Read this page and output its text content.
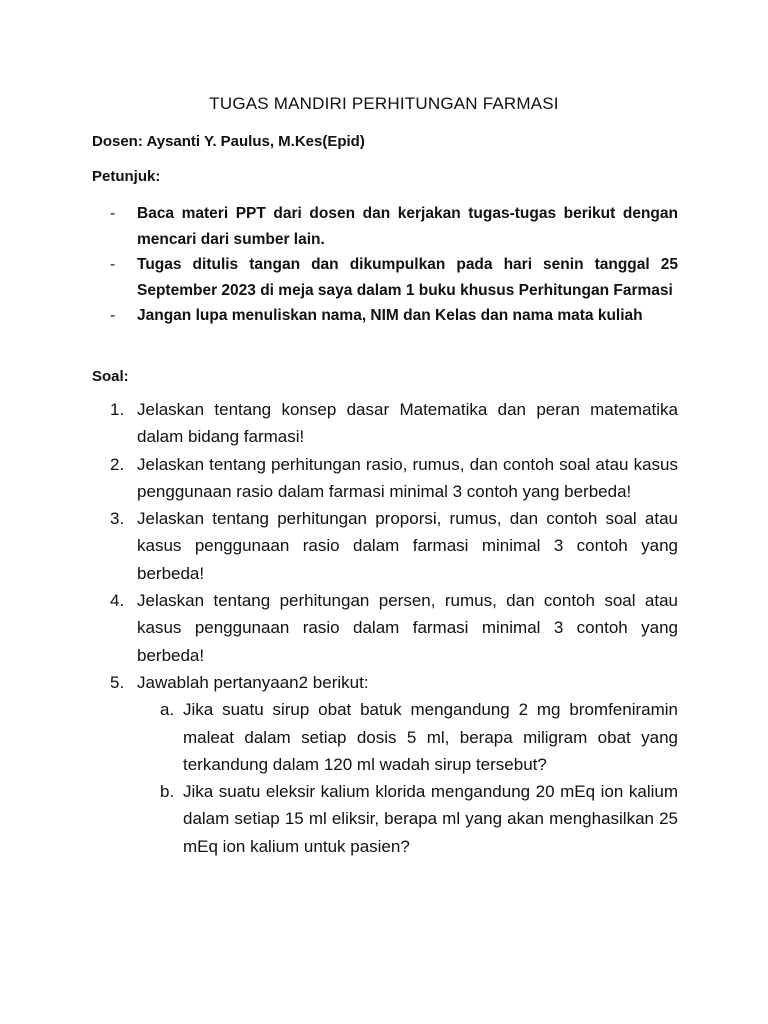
TUGAS MANDIRI PERHITUNGAN FARMASI
Dosen: Aysanti Y. Paulus, M.Kes(Epid)
Petunjuk:
- Baca materi PPT dari dosen dan kerjakan tugas-tugas berikut dengan mencari dari sumber lain.
- Tugas ditulis tangan dan dikumpulkan pada hari senin tanggal 25 September 2023 di meja saya dalam 1 buku khusus Perhitungan Farmasi
- Jangan lupa menuliskan nama, NIM dan Kelas dan nama mata kuliah
Soal:
1. Jelaskan tentang konsep dasar Matematika dan peran matematika dalam bidang farmasi!
2. Jelaskan tentang perhitungan rasio, rumus, dan contoh soal atau kasus penggunaan rasio dalam farmasi minimal 3 contoh yang berbeda!
3. Jelaskan tentang perhitungan proporsi, rumus, dan contoh soal atau kasus penggunaan rasio dalam farmasi minimal 3 contoh yang berbeda!
4. Jelaskan tentang perhitungan persen, rumus, dan contoh soal atau kasus penggunaan rasio dalam farmasi minimal 3 contoh yang berbeda!
5. Jawablah pertanyaan2 berikut:
a. Jika suatu sirup obat batuk mengandung 2 mg bromfeniramin maleat dalam setiap dosis 5 ml, berapa miligram obat yang terkandung dalam 120 ml wadah sirup tersebut?
b. Jika suatu eleksir kalium klorida mengandung 20 mEq ion kalium dalam setiap 15 ml eliksir, berapa ml yang akan menghasilkan 25 mEq ion kalium untuk pasien?
